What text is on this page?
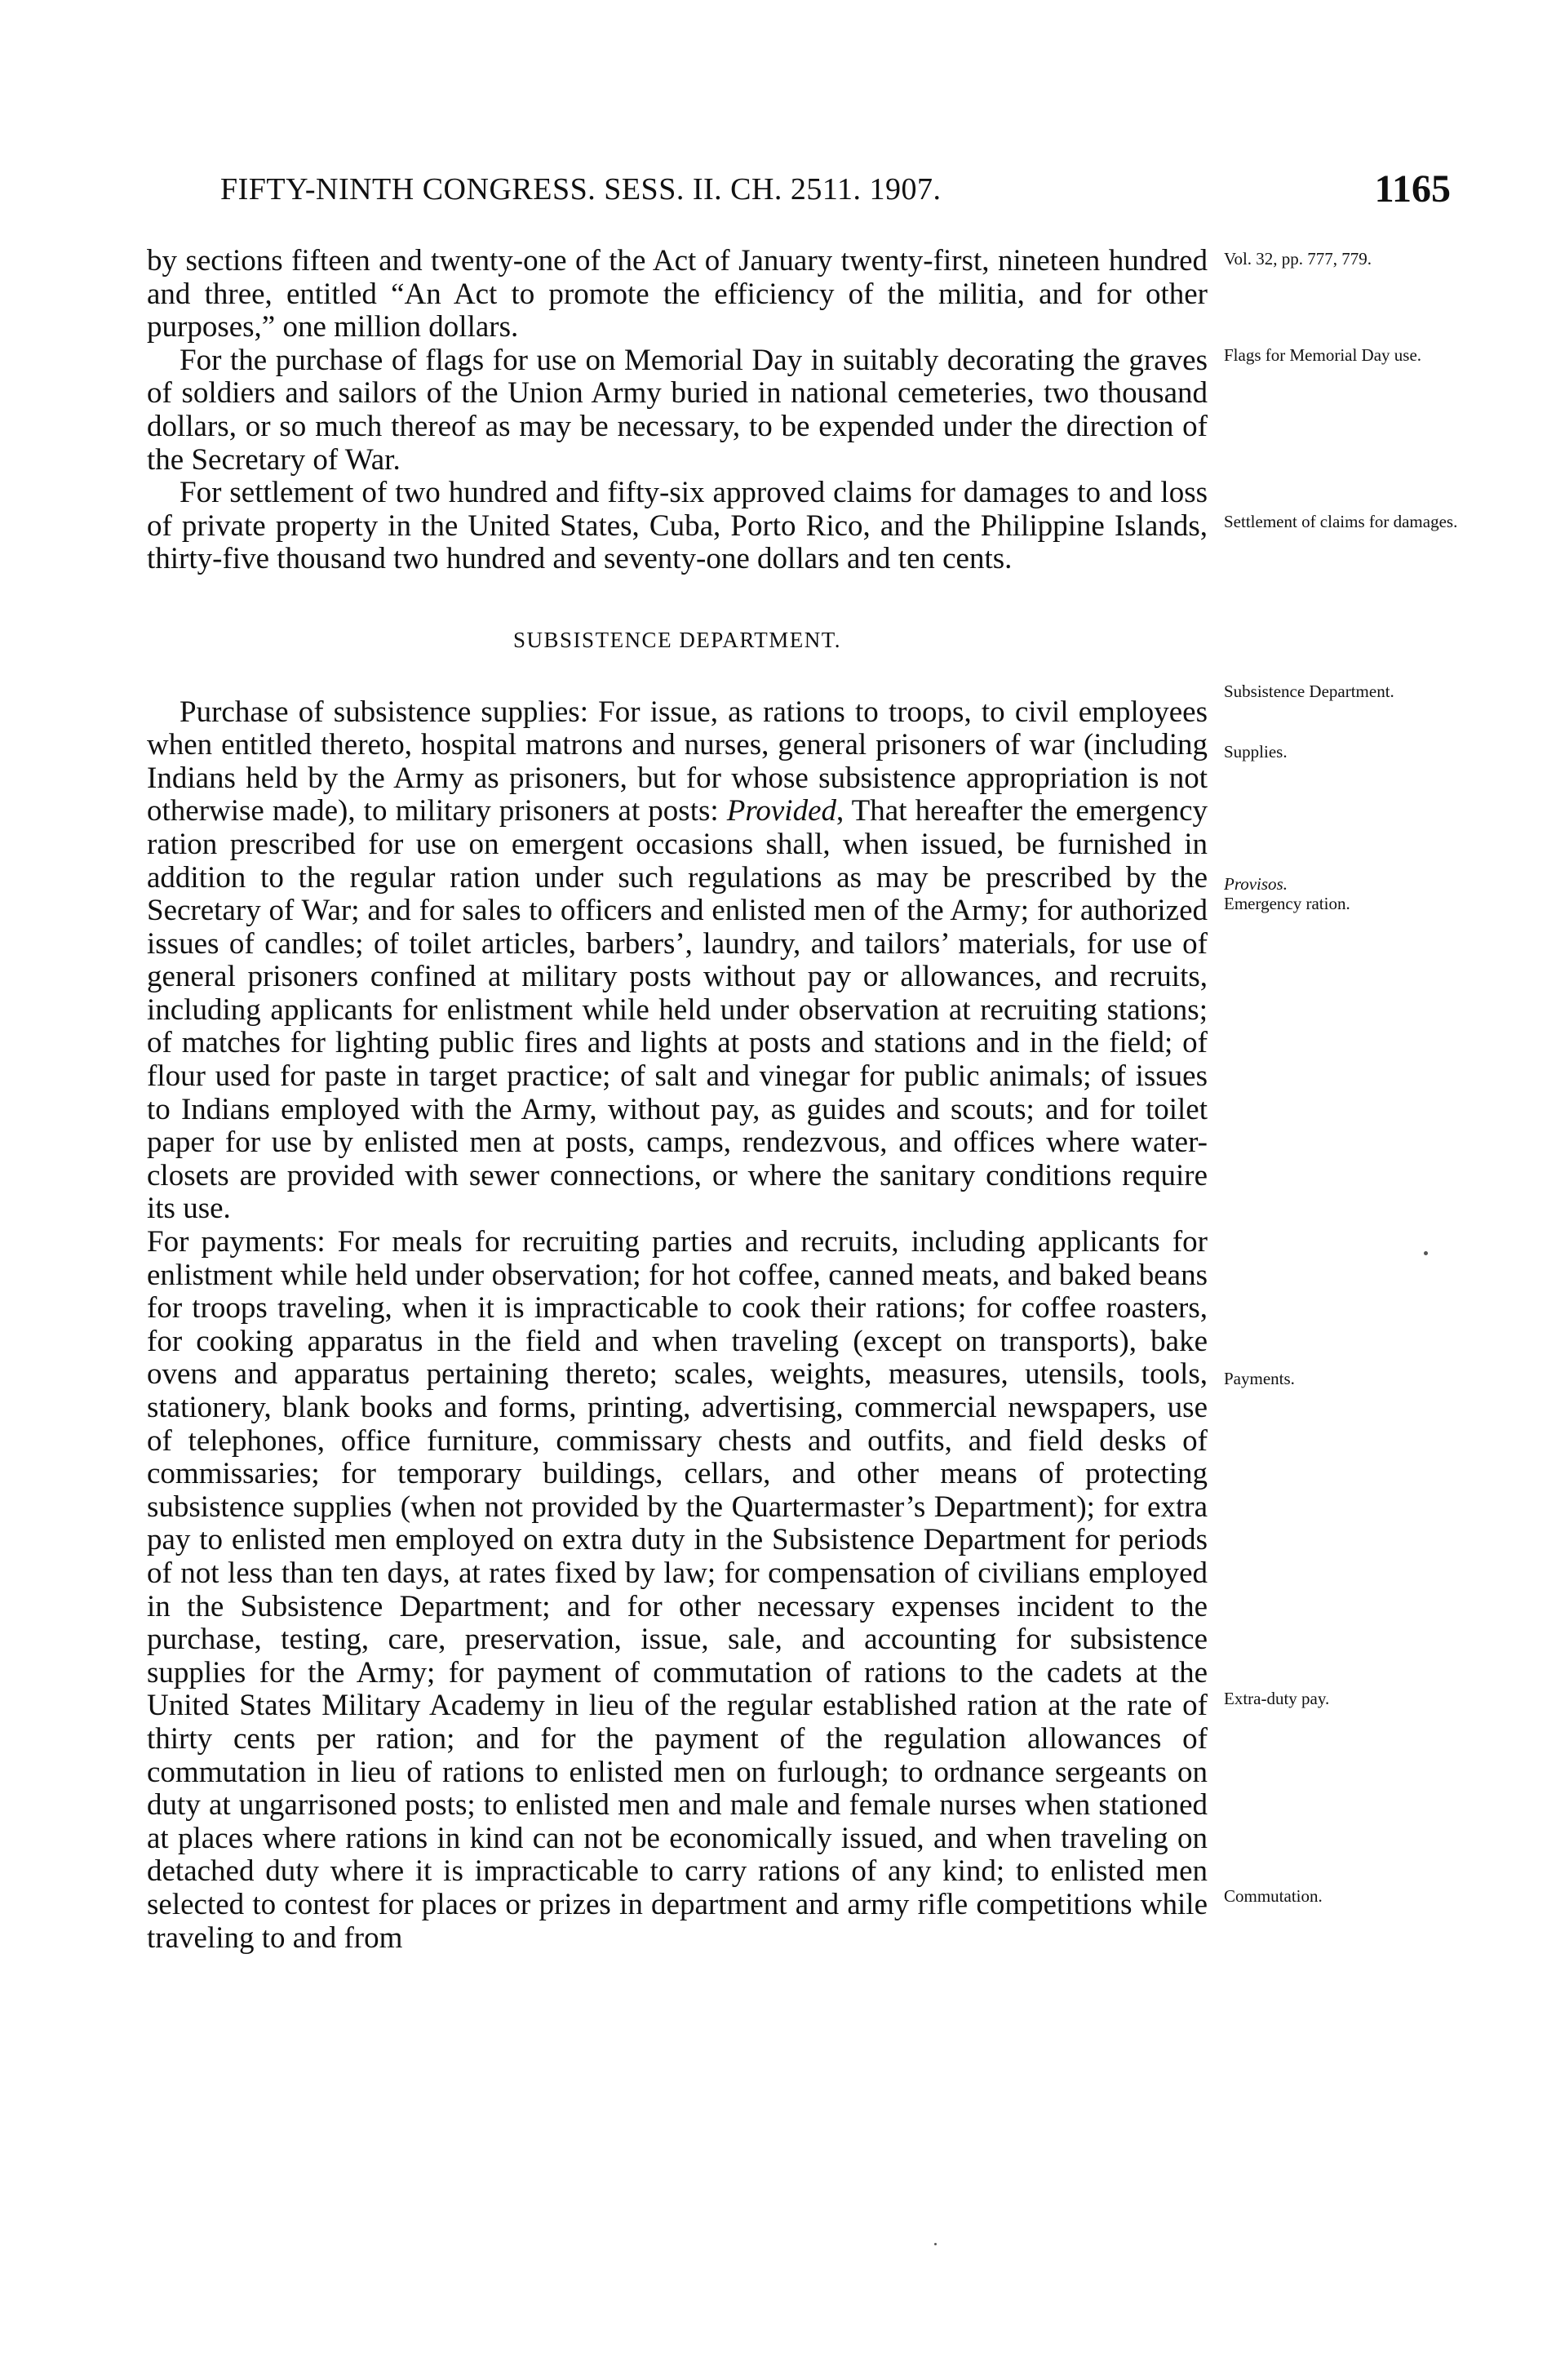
FIFTY-NINTH CONGRESS. SESS. II. CH. 2511. 1907.	1165

by sections fifteen and twenty-one of the Act of January twenty-first, nineteen hundred and three, entitled “An Act to promote the efficiency of the militia, and for other purposes,” one million dollars.

For the purchase of flags for use on Memorial Day in suitably decorating the graves of soldiers and sailors of the Union Army buried in national cemeteries, two thousand dollars, or so much thereof as may be necessary, to be expended under the direction of the Secretary of War.

For settlement of two hundred and fifty-six approved claims for damages to and loss of private property in the United States, Cuba, Porto Rico, and the Philippine Islands, thirty-five thousand two hundred and seventy-one dollars and ten cents.

SUBSISTENCE DEPARTMENT.

Purchase of subsistence supplies: For issue, as rations to troops, to civil employees when entitled thereto, hospital matrons and nurses, general prisoners of war (including Indians held by the Army as prisoners, but for whose subsistence appropriation is not otherwise made), to military prisoners at posts: Provided, That hereafter the emergency ration prescribed for use on emergent occasions shall, when issued, be furnished in addition to the regular ration under such regulations as may be prescribed by the Secretary of War; and for sales to officers and enlisted men of the Army; for authorized issues of candles; of toilet articles, barbers’, laundry, and tailors’ materials, for use of general prisoners confined at military posts without pay or allowances, and recruits, including applicants for enlistment while held under observation at recruiting stations; of matches for lighting public fires and lights at posts and stations and in the field; of flour used for paste in target practice; of salt and vinegar for public animals; of issues to Indians employed with the Army, without pay, as guides and scouts; and for toilet paper for use by enlisted men at posts, camps, rendezvous, and offices where water-closets are provided with sewer connections, or where the sanitary conditions require its use.

For payments: For meals for recruiting parties and recruits, including applicants for enlistment while held under observation; for hot coffee, canned meats, and baked beans for troops traveling, when it is impracticable to cook their rations; for coffee roasters, for cooking apparatus in the field and when traveling (except on transports), bake ovens and apparatus pertaining thereto; scales, weights, measures, utensils, tools, stationery, blank books and forms, printing, advertising, commercial newspapers, use of telephones, office furniture, commissary chests and outfits, and field desks of commissaries; for temporary buildings, cellars, and other means of protecting subsistence supplies (when not provided by the Quartermaster’s Department); for extra pay to enlisted men employed on extra duty in the Subsistence Department for periods of not less than ten days, at rates fixed by law; for compensation of civilians employed in the Subsistence Department; and for other necessary expenses incident to the purchase, testing, care, preservation, issue, sale, and accounting for subsistence supplies for the Army; for payment of commutation of rations to the cadets at the United States Military Academy in lieu of the regular established ration at the rate of thirty cents per ration; and for the payment of the regulation allowances of commutation in lieu of rations to enlisted men on furlough; to ordnance sergeants on duty at ungarrisoned posts; to enlisted men and male and female nurses when stationed at places where rations in kind can not be economically issued, and when traveling on detached duty where it is impracticable to carry rations of any kind; to enlisted men selected to contest for places or prizes in department and army rifle competitions while traveling to and from

Vol. 32, pp. 777, 779.
Flags for Memorial Day use.
Settlement of claims for damages.
Subsistence Department.
Supplies.
Provisos.
Emergency ration.
Payments.
Extra-duty pay.
Commutation.
